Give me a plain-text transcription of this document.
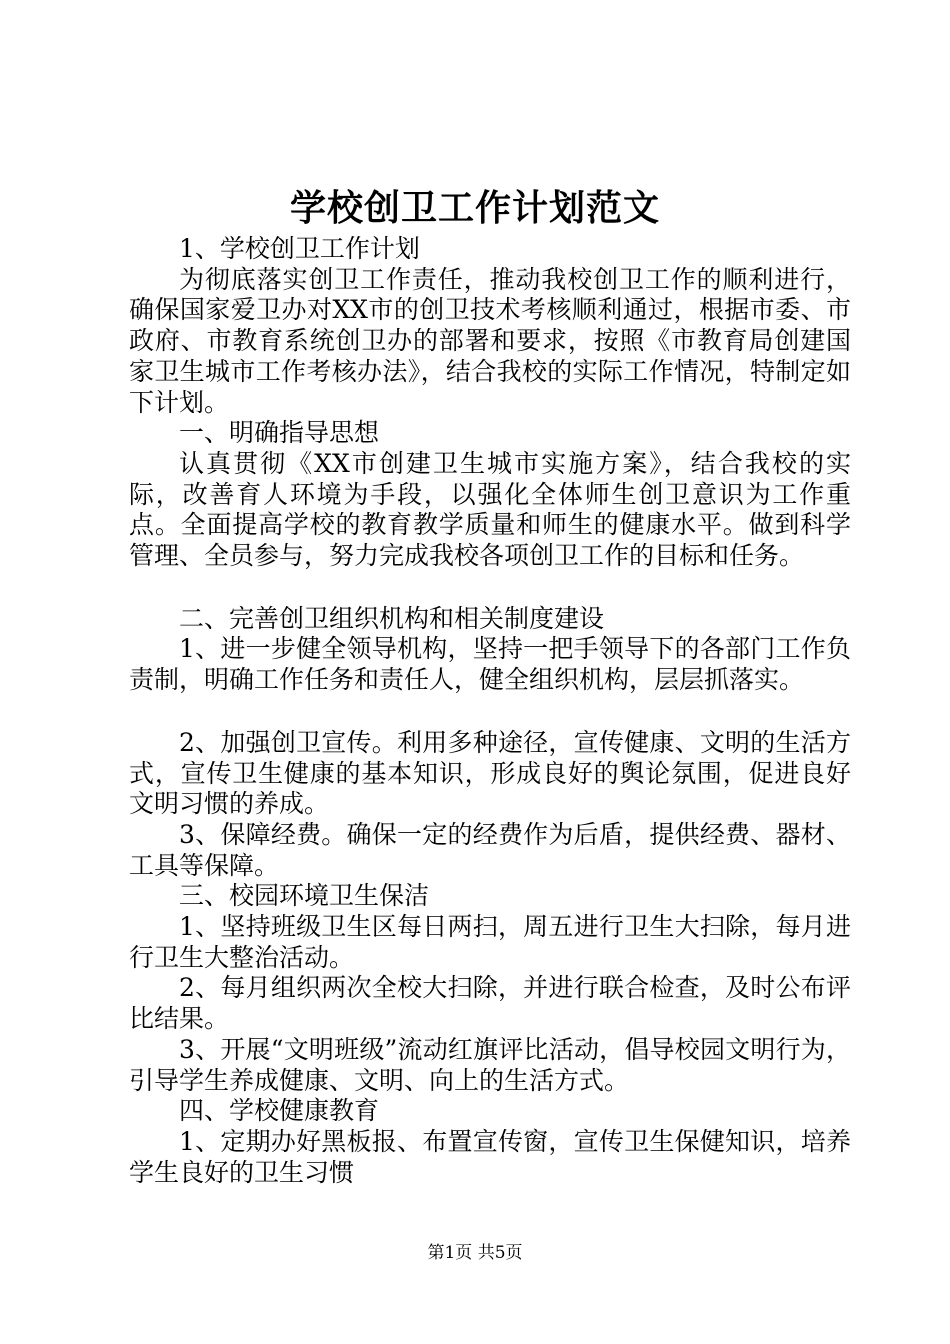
学校创卫工作计划范文

1、学校创卫工作计划

为彻底落实创卫工作责任，推动我校创卫工作的顺利进行，确保国家爱卫办对XX市的创卫技术考核顺利通过，根据市委、市政府、市教育系统创卫办的部署和要求，按照《市教育局创建国家卫生城市工作考核办法》，结合我校的实际工作情况，特制定如下计划。

一、明确指导思想

认真贯彻《XX市创建卫生城市实施方案》，结合我校的实际，改善育人环境为手段，以强化全体师生创卫意识为工作重点。全面提高学校的教育教学质量和师生的健康水平。做到科学管理、全员参与，努力完成我校各项创卫工作的目标和任务。

二、完善创卫组织机构和相关制度建设

1、进一步健全领导机构，坚持一把手领导下的各部门工作负责制，明确工作任务和责任人，健全组织机构，层层抓落实。

2、加强创卫宣传。利用多种途径，宣传健康、文明的生活方式，宣传卫生健康的基本知识，形成良好的舆论氛围，促进良好文明习惯的养成。

3、保障经费。确保一定的经费作为后盾，提供经费、器材、工具等保障。

三、校园环境卫生保洁

1、坚持班级卫生区每日两扫，周五进行卫生大扫除，每月进行卫生大整治活动。

2、每月组织两次全校大扫除，并进行联合检查，及时公布评比结果。

3、开展“文明班级”流动红旗评比活动，倡导校园文明行为，引导学生养成健康、文明、向上的生活方式。

四、学校健康教育

1、定期办好黑板报、布置宣传窗，宣传卫生保健知识，培养学生良好的卫生习惯

第1页 共5页
